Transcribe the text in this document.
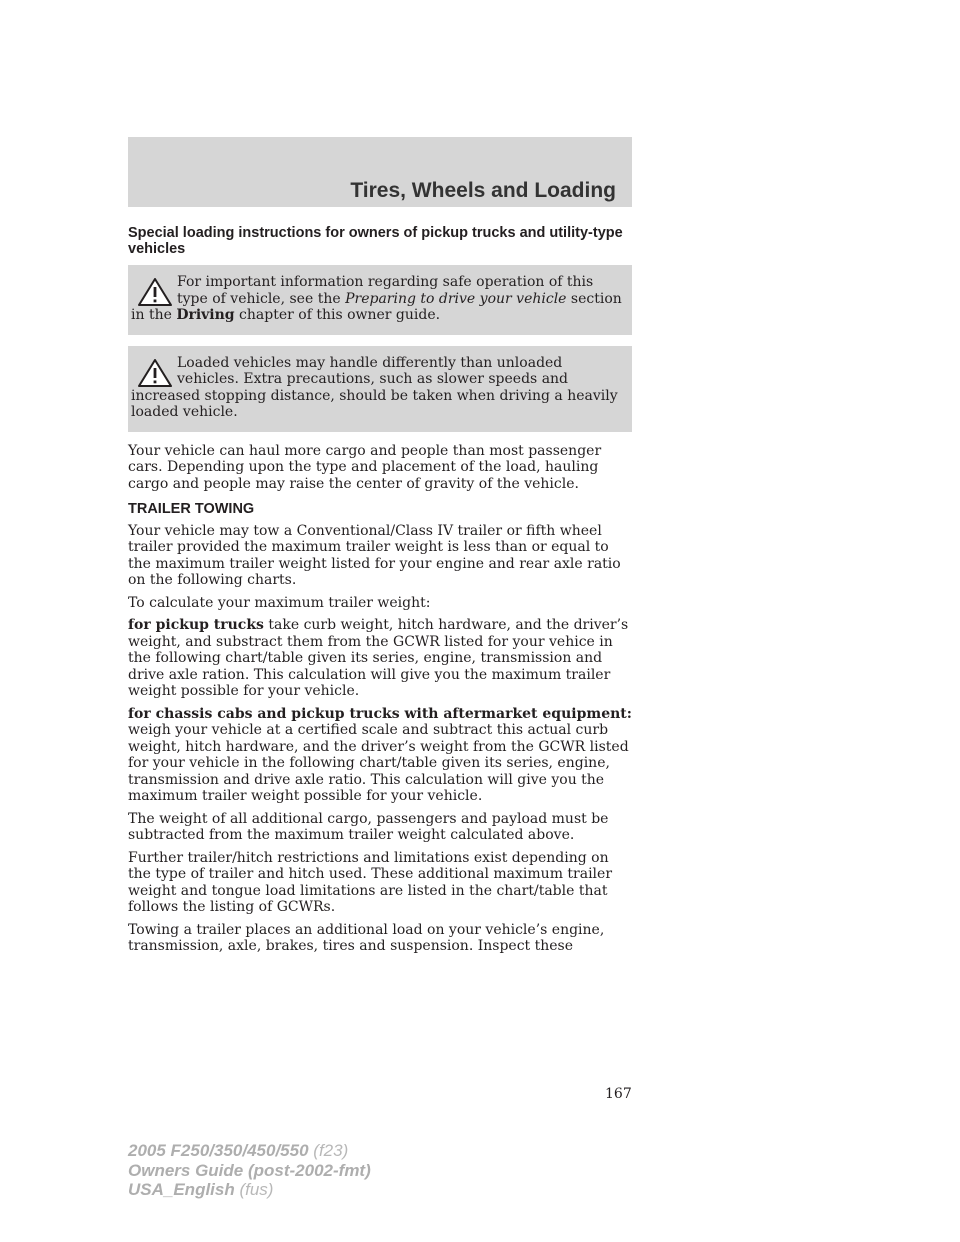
Tires, Wheels and Loading
Special loading instructions for owners of pickup trucks and utility-type vehicles

For important information regarding safe operation of this type of vehicle, see the Preparing to drive your vehicle section in the Driving chapter of this owner guide.

Loaded vehicles may handle differently than unloaded vehicles. Extra precautions, such as slower speeds and increased stopping distance, should be taken when driving a heavily loaded vehicle.

Your vehicle can haul more cargo and people than most passenger cars. Depending upon the type and placement of the load, hauling cargo and people may raise the center of gravity of the vehicle.

TRAILER TOWING

Your vehicle may tow a Conventional/Class IV trailer or fifth wheel trailer provided the maximum trailer weight is less than or equal to the maximum trailer weight listed for your engine and rear axle ratio on the following charts.

To calculate your maximum trailer weight:

for pickup trucks take curb weight, hitch hardware, and the driver’s weight, and substract them from the GCWR listed for your vehice in the following chart/table given its series, engine, transmission and drive axle ration. This calculation will give you the maximum trailer weight possible for your vehicle.

for chassis cabs and pickup trucks with aftermarket equipment: weigh your vehicle at a certified scale and subtract this actual curb weight, hitch hardware, and the driver’s weight from the GCWR listed for your vehicle in the following chart/table given its series, engine, transmission and drive axle ratio. This calculation will give you the maximum trailer weight possible for your vehicle.

The weight of all additional cargo, passengers and payload must be subtracted from the maximum trailer weight calculated above.

Further trailer/hitch restrictions and limitations exist depending on the type of trailer and hitch used. These additional maximum trailer weight and tongue load limitations are listed in the chart/table that follows the listing of GCWRs.

Towing a trailer places an additional load on your vehicle’s engine, transmission, axle, brakes, tires and suspension. Inspect these

167
2005 F250/350/450/550 (f23)
Owners Guide (post-2002-fmt)
USA_English (fus)
